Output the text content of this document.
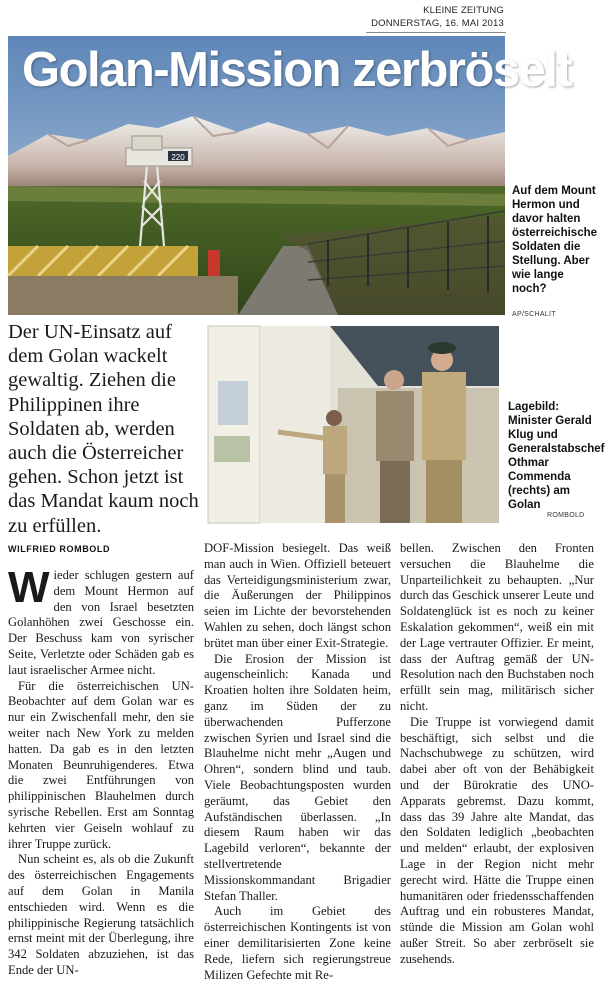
KLEINE ZEITUNG
DONNERSTAG, 16. MAI 2013
220
Golan-Mission zerbröselt
Auf dem Mount Hermon und davor halten österreichische Soldaten die Stellung. Aber wie lange noch?
AP/SCHALIT
Der UN-Einsatz auf dem Golan wackelt gewaltig. Ziehen die Philippinen ihre Soldaten ab, werden auch die Österreicher gehen. Schon jetzt ist das Mandat kaum noch zu erfüllen.
Lagebild: Minister Gerald Klug und Generalstabschef Othmar Commenda (rechts) am Golan
ROMBOLD
WILFRIED ROMBOLD

Wieder schlugen gestern auf dem Mount Hermon auf den von Israel besetzten Golanhöhen zwei Geschosse ein. Der Beschuss kam von syrischer Seite, Verletzte oder Schäden gab es laut israelischer Armee nicht.

Für die österreichischen UN-Beobachter auf dem Golan war es nur ein Zwischenfall mehr, den sie weiter nach New York zu melden hatten. Da gab es in den letzten Monaten Beunruhigenderes. Etwa die zwei Entführungen von philippinischen Blauhelmen durch syrische Rebellen. Erst am Sonntag kehrten vier Geiseln wohlauf zu ihrer Truppe zurück.

Nun scheint es, als ob die Zukunft des österreichischen Engagements auf dem Golan in Manila entschieden wird. Wenn es die philippinische Regierung tatsächlich ernst meint mit der Überlegung, ihre 342 Soldaten abzuziehen, ist das Ende der UN-

DOF-Mission besiegelt. Das weiß man auch in Wien. Offiziell beteuert das Verteidigungsministerium zwar, die Äußerungen der Philippinos seien im Lichte der bevorstehenden Wahlen zu sehen, doch längst schon brütet man über einer Exit-Strategie.

Die Erosion der Mission ist augenscheinlich: Kanada und Kroatien holten ihre Soldaten heim, ganz im Süden der zu überwachenden Pufferzone zwischen Syrien und Israel sind die Blauhelme nicht mehr „Augen und Ohren“, sondern blind und taub. Viele Beobachtungsposten wurden geräumt, das Gebiet den Aufständischen überlassen. „In diesem Raum haben wir das Lagebild verloren“, bekannte der stellvertretende Missionskommandant Brigadier Stefan Thaller.

Auch im Gebiet des österreichischen Kontingents ist von einer demilitarisierten Zone keine Rede, liefern sich regierungstreue Milizen Gefechte mit Re-

bellen. Zwischen den Fronten versuchen die Blauhelme die Unparteilichkeit zu behaupten. „Nur durch das Geschick unserer Leute und Soldatenglück ist es noch zu keiner Eskalation gekommen“, weiß ein mit der Lage vertrauter Offizier. Er meint, dass der Auftrag gemäß der UN-Resolution nach den Buchstaben noch erfüllt sein mag, militärisch sicher nicht.

Die Truppe ist vorwiegend damit beschäftigt, sich selbst und die Nachschubwege zu schützen, wird dabei aber oft von der Behäbigkeit und der Bürokratie des UNO-Apparats gebremst. Dazu kommt, dass das 39 Jahre alte Mandat, das den Soldaten lediglich „beobachten und melden“ erlaubt, der explosiven Lage in der Region nicht mehr gerecht wird. Hätte die Truppe einen humanitären oder friedensschaffenden Auftrag und ein robusteres Mandat, stünde die Mission am Golan wohl außer Streit. So aber zerbröselt sie zusehends.
